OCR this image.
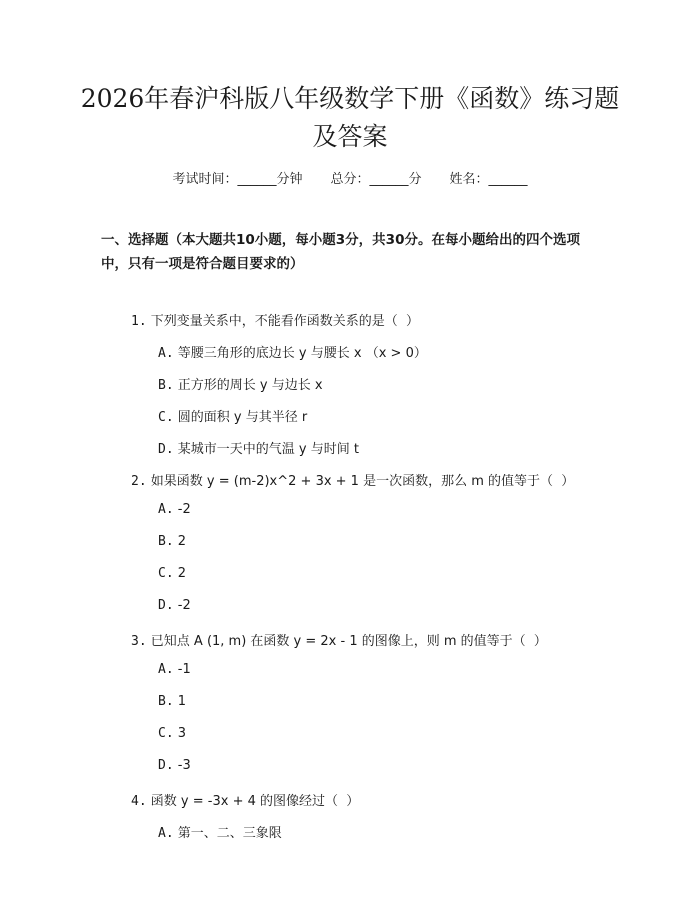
2026年春沪科版八年级数学下册《函数》练习题及答案
考试时间：______分钟 总分：______分 姓名：______
一、选择题（本大题共10小题，每小题3分，共30分。在每小题给出的四个选项中，只有一项是符合题目要求的）
1. 下列变量关系中，不能看作函数关系的是（  ）
A. 等腰三角形的底边长 y 与腰长 x （x > 0）
B. 正方形的周长 y 与边长 x
C. 圆的面积 y 与其半径 r
D. 某城市一天中的气温 y 与时间 t
2. 如果函数 y = (m-2)x^2 + 3x + 1 是一次函数，那么 m 的值等于（  ）
A. -2
B. 2
C. 2
D. -2
3. 已知点 A (1, m) 在函数 y = 2x - 1 的图像上，则 m 的值等于（  ）
A. -1
B. 1
C. 3
D. -3
4. 函数 y = -3x + 4 的图像经过（  ）
A. 第一、二、三象限
